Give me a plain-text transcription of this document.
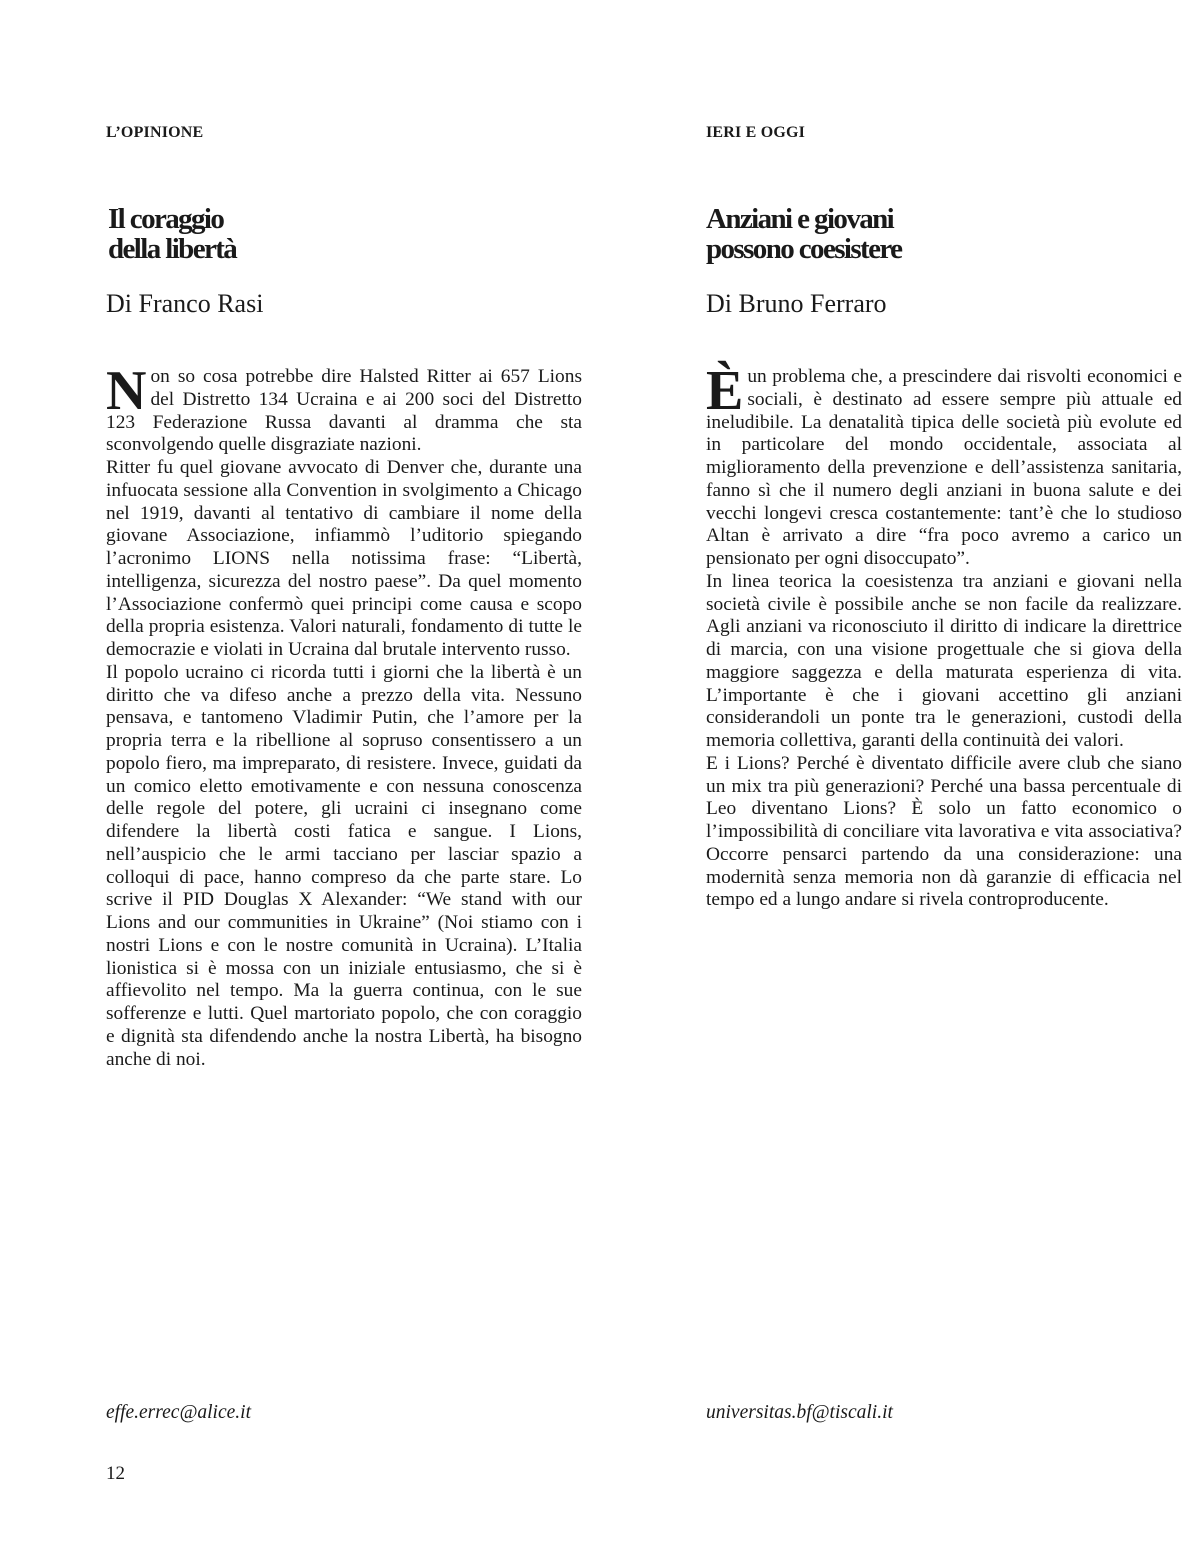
L’OPINIONE
Il coraggio
della libertà
Di Franco Rasi

Non so cosa potrebbe dire Halsted Ritter ai 657 Lions del Distretto 134 Ucraina e ai 200 soci del Distretto 123 Federazione Russa davanti al dramma che sta sconvolgendo quelle disgraziate nazioni.

Ritter fu quel giovane avvocato di Denver che, durante una infuocata sessione alla Convention in svolgimento a Chicago nel 1919, davanti al tentativo di cambiare il nome della giovane Associazione, infiammò l’uditorio spiegando l’acronimo LIONS nella notissima frase: “Libertà, intelligenza, sicurezza del nostro paese”. Da quel momento l’Associazione confermò quei principi come causa e scopo della propria esistenza. Valori naturali, fondamento di tutte le democrazie e violati in Ucraina dal brutale intervento russo.

Il popolo ucraino ci ricorda tutti i giorni che la libertà è un diritto che va difeso anche a prezzo della vita. Nessuno pensava, e tantomeno Vladimir Putin, che l’amore per la propria terra e la ribellione al sopruso consentissero a un popolo fiero, ma impreparato, di resistere. Invece, guidati da un comico eletto emotivamente e con nessuna conoscenza delle regole del potere, gli ucraini ci insegnano come difendere la libertà costi fatica e sangue. I Lions, nell’auspicio che le armi tacciano per lasciar spazio a colloqui di pace, hanno compreso da che parte stare. Lo scrive il PID Douglas X Alexander: “We stand with our Lions and our communities in Ukraine” (Noi stiamo con i nostri Lions e con le nostre comunità in Ucraina). L’Italia lionistica si è mossa con un iniziale entusiasmo, che si è affievolito nel tempo. Ma la guerra continua, con le sue sofferenze e lutti. Quel martoriato popolo, che con coraggio e dignità sta difendendo anche la nostra Libertà, ha bisogno anche di noi.

effe.errec@alice.it
IERI E OGGI
Anziani e giovani
possono coesistere
Di Bruno Ferraro

Èun problema che, a prescindere dai risvolti economici e sociali, è destinato ad essere sempre più attuale ed ineludibile. La denatalità tipica delle società più evolute ed in particolare del mondo occidentale, associata al miglioramento della prevenzione e dell’assistenza sanitaria, fanno sì che il numero degli anziani in buona salute e dei vecchi longevi cresca costantemente: tant’è che lo studioso Altan è arrivato a dire “fra poco avremo a carico un pensionato per ogni disoccupato”.

In linea teorica la coesistenza tra anziani e giovani nella società civile è possibile anche se non facile da realizzare. Agli anziani va riconosciuto il diritto di indicare la direttrice di marcia, con una visione progettuale che si giova della maggiore saggezza e della maturata esperienza di vita. L’importante è che i giovani accettino gli anziani considerandoli un ponte tra le generazioni, custodi della memoria collettiva, garanti della continuità dei valori.

E i Lions? Perché è diventato difficile avere club che siano un mix tra più generazioni? Perché una bassa percentuale di Leo diventano Lions? È solo un fatto economico o l’impossibilità di conciliare vita lavorativa e vita associativa? Occorre pensarci partendo da una considerazione: una modernità senza memoria non dà garanzie di efficacia nel tempo ed a lungo andare si rivela controproducente.

universitas.bf@tiscali.it
12
